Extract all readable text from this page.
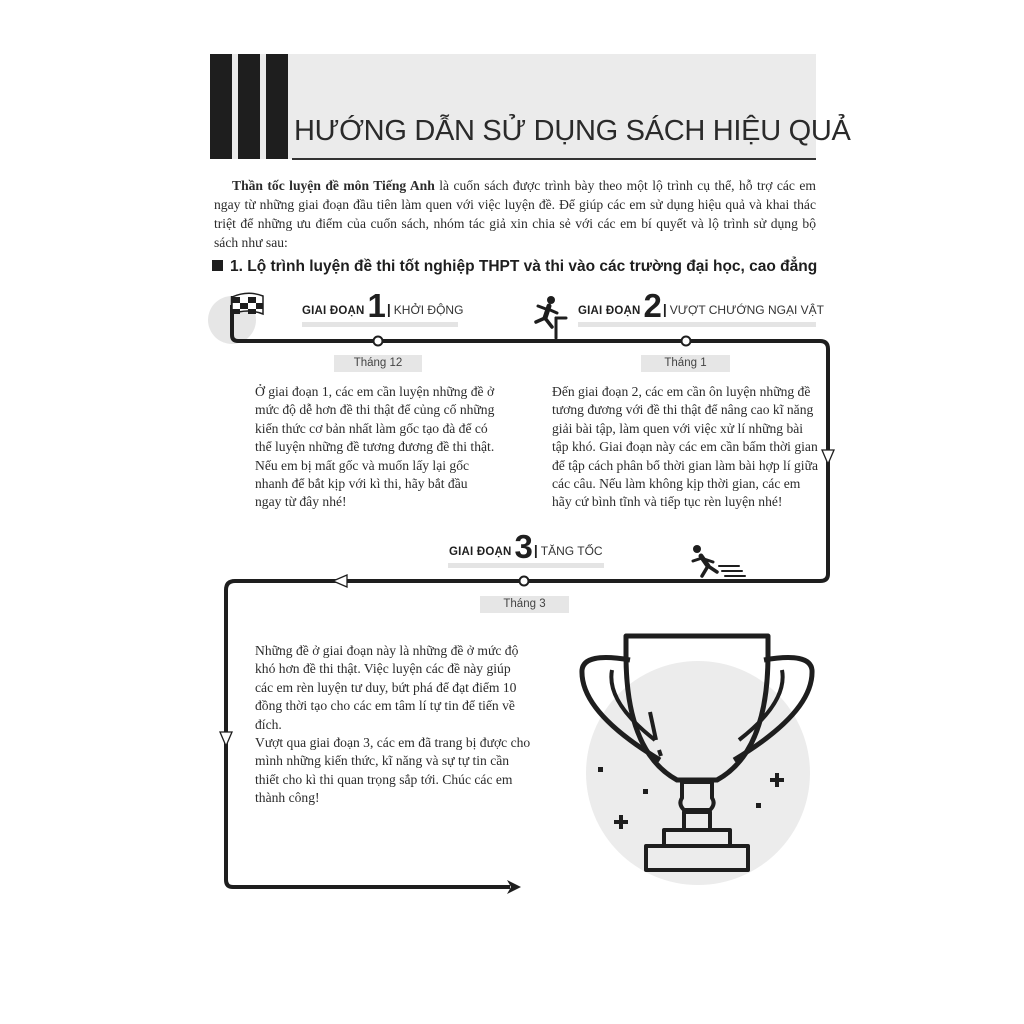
HƯỚNG DẪN SỬ DỤNG SÁCH HIỆU QUẢ
Thần tốc luyện đề môn Tiếng Anh là cuốn sách được trình bày theo một lộ trình cụ thể, hỗ trợ các em ngay từ những giai đoạn đầu tiên làm quen với việc luyện đề. Để giúp các em sử dụng hiệu quả và khai thác triệt để những ưu điểm của cuốn sách, nhóm tác giả xin chia sẻ với các em bí quyết và lộ trình sử dụng bộ sách như sau:
1. Lộ trình luyện đề thi tốt nghiệp THPT và thi vào các trường đại học, cao đẳng
GIAI ĐOẠN1| KHỞI ĐỘNG	GIAI ĐOẠN2| VƯỢT CHƯỚNG NGẠI VẬT
GIAI ĐOẠN3| TĂNG TỐC
Tháng 12	Tháng 1
Tháng 3

Ở giai đoạn 1, các em cần luyện những đề ở mức độ dễ hơn đề thi thật để củng cố những kiến thức cơ bản nhất làm gốc tạo đà để có thể luyện những đề tương đương đề thi thật.

Nếu em bị mất gốc và muốn lấy lại gốc nhanh để bắt kịp với kì thi, hãy bắt đầu ngay từ đây nhé!

Đến giai đoạn 2, các em cần ôn luyện những đề tương đương với đề thi thật để nâng cao kĩ năng giải bài tập, làm quen với việc xử lí những bài tập khó. Giai đoạn này các em cần bấm thời gian để tập cách phân bổ thời gian làm bài hợp lí giữa các câu. Nếu làm không kịp thời gian, các em hãy cứ bình tĩnh và tiếp tục rèn luyện nhé!

Những đề ở giai đoạn này là những đề ở mức độ khó hơn đề thi thật. Việc luyện các đề này giúp các em rèn luyện tư duy, bứt phá để đạt điểm 10 đồng thời tạo cho các em tâm lí tự tin để tiến về đích.

Vượt qua giai đoạn 3, các em đã trang bị được cho mình những kiến thức, kĩ năng và sự tự tin cần thiết cho kì thi quan trọng sắp tới. Chúc các em thành công!
